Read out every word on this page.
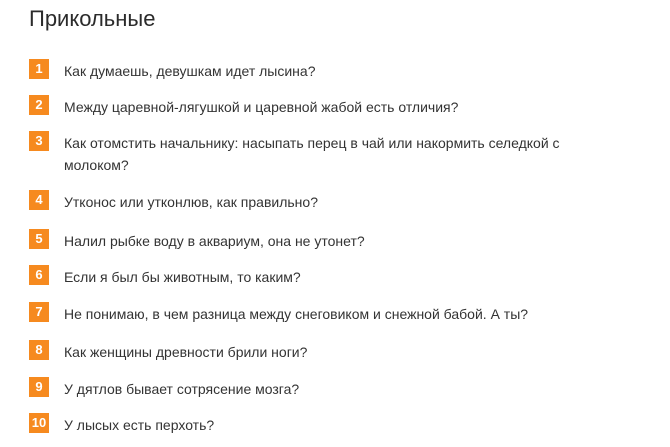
Прикольные
1	Как думаешь, девушкам идет лысина?
2	Между царевной-лягушкой и царевной жабой есть отличия?
3	Как отомстить начальнику: насыпать перец в чай или накормить селедкой с молоком?
4	Утконос или утконлюв, как правильно?
5	Налил рыбке воду в аквариум, она не утонет?
6	Если я был бы животным, то каким?
7	Не понимаю, в чем разница между снеговиком и снежной бабой. А ты?
8	Как женщины древности брили ноги?
9	У дятлов бывает сотрясение мозга?
10 У лысых есть перхоть?
